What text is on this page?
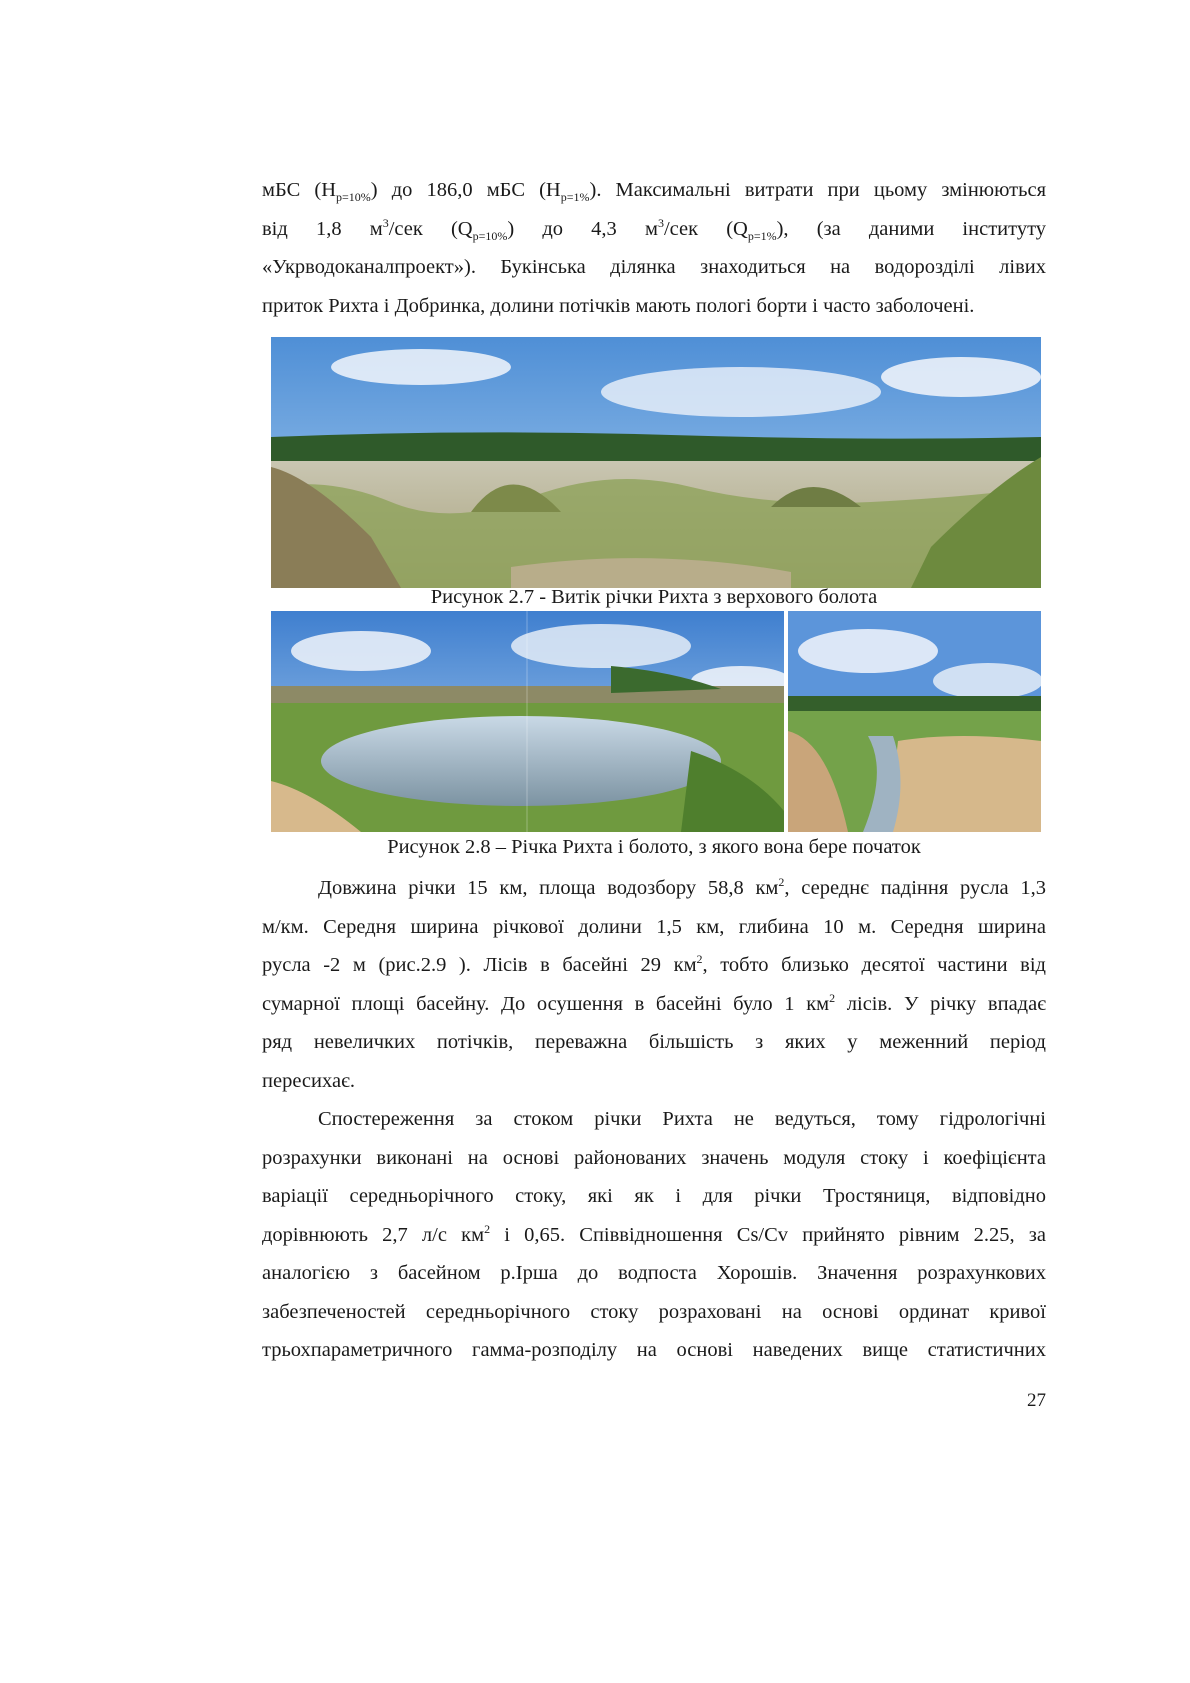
мБС $(Н_{р=10\%})$ до 186,0 мБС $(Н_{р=1\%})$. Максимальні витрати при цьому змінюються
від 1,8 $м^3$/сек $(Q_{р=10\%})$ до 4,3 $м^3$/сек $(Q_{р=1\%})$, (за даними інституту
«Укрводоканалпроект»). Букінська ділянка знаходиться на водорозділі лівих
приток Рихта і Добринка, долини потічків мають пологі борти і часто заболочені.
Рисунок 2.7 - Витік річки Рихта з верхового болота
Рисунок 2.8 – Річка Рихта і болото, з якого вона бере початок
Довжина річки 15 км, площа водозбору 58,8 $км^2$, середнє падіння русла 1,3
м/км. Середня ширина річкової долини 1,5 км, глибина 10 м. Середня ширина
русла -2 м (рис.2.9 ). Лісів в басейні 29 $км^2$, тобто близько десятої частини від
сумарної площі басейну. До осушення в басейні було 1 $км^2$ лісів. У річку впадає
ряд невеличких потічків, переважна більшість з яких у меженний період
пересихає.
Спостереження за стоком річки Рихта не ведуться, тому гідрологічні
розрахунки виконані на основі районованих значень модуля стоку і коефіцієнта
варіації середньорічного стоку, які як і для річки Тростяниця, відповідно
дорівнюють 2,7 л/с $км^2$ і 0,65. Співвідношення Cs/Cv прийнято рівним 2.25, за
аналогією з басейном р.Ірша до водпоста Хорошів. Значення розрахункових
забезпеченостей середньорічного стоку розраховані на основі ординат кривої
трьохпараметричного гамма-розподілу на основі наведених вище статистичних
27
